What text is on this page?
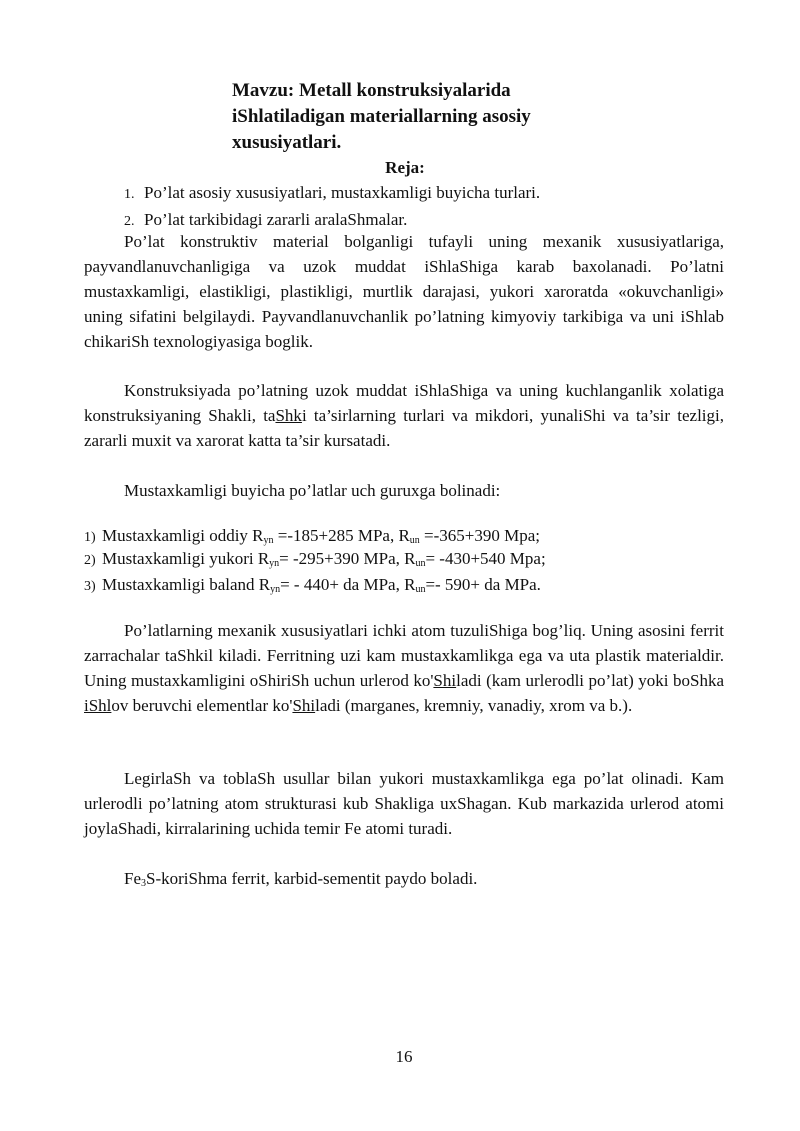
Mavzu: Metall konstruksiyalarida
iShlatiladigan materiallarning asosiy
xususiyatlari.
Reja:
1. Po’lat asosiy xususiyatlari, mustaxkamligi buyicha turlari.
2. Po’lat tarkibidagi zararli aralaShmalar.
Po’lat konstruktiv material bolganligi tufayli uning mexanik xususiyatlariga, payvandlanuvchanligiga va uzok muddat iShlaShiga karab baxolanadi. Po’latni mustaxkamligi, elastikligi, plastikligi, murtlik darajasi, yukori xaroratda «okuvchanligi» uning sifatini belgilaydi. Payvandlanuvchanlik po’latning kimyoviy tarkibiga va uni iShlab chikariSh texnologiyasiga boglik.
Konstruksiyada po’latning uzok muddat iShlaShiga va uning kuchlanganlik xolatiga konstruksiyaning Shakli, taShki ta’sirlarning turlari va mikdori, yunaliShi va ta’sir tezligi, zararli muxit va xarorat katta ta’sir kursatadi.
Mustaxkamligi buyicha po’latlar uch guruxga bolinadi:
1) Mustaxkamligi oddiy $R_{yn} =-185+285$ MPa, $R_{un} =-365+390$ Mpa;
2) Mustaxkamligi yukori $R_{yn}= -295+390$ MPa, $R_{un}= -430+540$ Mpa;
3) Mustaxkamligi baland $R_{yn}= - 440+$ da MPa, $R_{un}=-$ 590+ da MPa.
Po’latlarning mexanik xususiyatlari ichki atom tuzuliShiga bog’liq. Uning asosini ferrit zarrachalar taShkil kiladi. Ferritning uzi kam mustaxkamlikga ega va uta plastik materialdir. Uning mustaxkamligini oShiriSh uchun urlerod ko'Shiladi (kam urlerodli po’lat) yoki boShka iShlov beruvchi elementlar ko'Shiladi (marganes, kremniy, vanadiy, xrom va b.).
LegirlaSh va toblaSh usullar bilan yukori mustaxkamlikga ega po’lat olinadi. Kam urlerodli po’latning atom strukturasi kub Shakliga uxShagan. Kub markazida urlerod atomi joylaShadi, kirralarining uchida temir Fe atomi turadi.
$Fe_3S$-koriShma ferrit, karbid-sementit paydo boladi.
16
